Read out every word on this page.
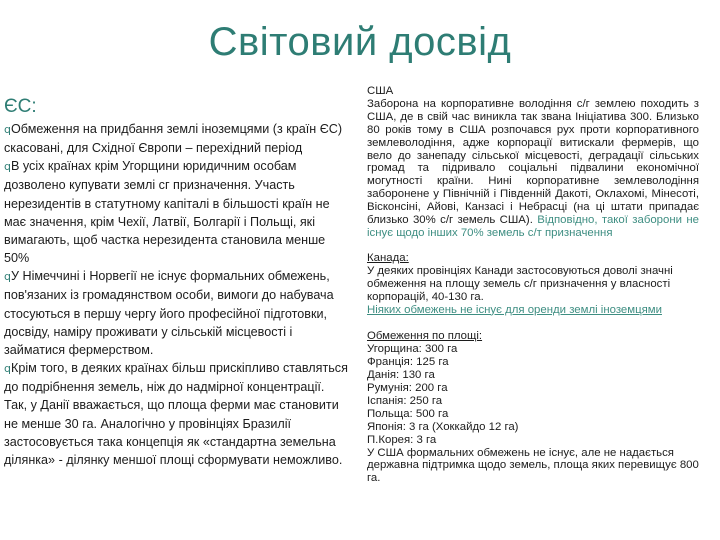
Світовий досвід
ЄС:

qОбмеження на придбання землі іноземцями (з країн ЄС) скасовані, для Східної Європи – перехідний період

qВ усіх країнах крім Угорщини юридичним особам дозволено купувати землі сг призначення. Участь нерезидентів в статутному капіталі в більшості країн не має значення, крім Чехії, Латвії, Болгарії і Польщі, які вимагають, щоб частка нерезидента становила менше 50%

qУ Німеччині і Норвегії не існує формальних обмежень, пов'язаних із громадянством особи, вимоги до набувача стосуються в першу чергу його професійної підготовки, досвіду, наміру проживати у сільській місцевості і займатися фермерством.

qКрім того, в деяких країнах більш прискіпливо ставляться до подрібнення земель, ніж до надмірної концентрації. Так, у Данії вважається, що площа ферми має становити не менше 30 га. Аналогічно у провінціях Бразилії застосовується така концепція як «стандартна земельна ділянка» - ділянку меншої площі сформувати неможливо.

США
Заборона на корпоративне володіння с/г землею походить з США, де в свій час виникла так звана Ініціатива 300. Близько 80 років тому в США розпочався рух проти корпоративного землеволодіння, адже корпорації витискали фермерів, що вело до занепаду сільської місцевості, деградації сільських громад та підривало соціальні підвалини економічної могутності країни. Нині корпоративне землеволодіння заборонене у Північній і Південній Дакоті, Оклахомі, Мінесоті, Вісконсіні, Айові, Канзасі і Небрасці (на ці штати припадає близько 30% с/г земель США). Відповідно, такої заборони не існує щодо інших 70% земель с/т призначення
Канада:
У деяких провінціях Канади застосовуються доволі значні обмеження на площу земель с/г призначення у власності корпорацій, 40-130 га.
Ніяких обмежень не існує для оренди землі іноземцями
Обмеження по площі:
Угорщина: 300 га
Франція: 125 га
Данія: 130 га
Румунія: 200 га
Іспанія: 250 га
Польща: 500 га
Японія: 3 га (Хоккайдо 12 га)
П.Корея: 3 га
У США формальних обмежень не існує, але не надається державна підтримка щодо земель, площа яких перевищує 800 га.
